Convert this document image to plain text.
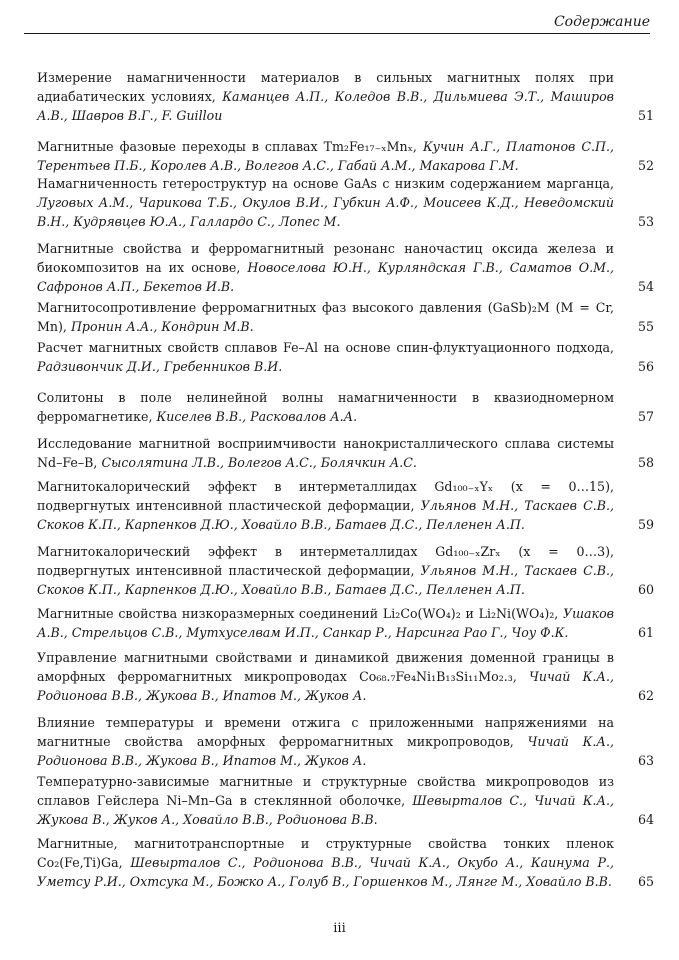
Содержание
Измерение намагниченности материалов в сильных магнитных полях при адиабатических условиях, Каманцев А.П., Коледов В.В., Дильмиева Э.Т., Маширов А.В., Шавров В.Г., F. Guillou	51
Магнитные фазовые переходы в сплавах Tm₂Fe₁₇₋ₓMnₓ, Кучин А.Г., Платонов С.П., Терентьев П.Б., Королев А.В., Волегов А.С., Габай А.М., Макарова Г.М.	52
Намагниченность гетероструктур на основе GaAs с низким содержанием марганца, Луговых А.М., Чарикова Т.Б., Окулов В.И., Губкин А.Ф., Моисеев К.Д., Неведомский В.Н., Кудрявцев Ю.А., Галлардо С., Лопес М.	53
Магнитные свойства и ферромагнитный резонанс наночастиц оксида железа и биокомпозитов на их основе, Новоселова Ю.Н., Курляндская Г.В., Саматов О.М., Сафронов А.П., Бекетов И.В.	54
Магнитосопротивление ферромагнитных фаз высокого давления (GaSb)₂M (M = Cr, Mn), Пронин А.А., Кондрин М.В.	55
Расчет магнитных свойств сплавов Fe–Al на основе спин-флуктуационного подхода, Радзивончик Д.И., Гребенников В.И.	56
Солитоны в поле нелинейной волны намагниченности в квазиодномерном ферромагнетике, Киселев В.В., Расковалов А.А.	57
Исследование магнитной восприимчивости нанокристаллического сплава системы Nd–Fe–B, Сысолятина Л.В., Волегов А.С., Болячкин А.С.	58
Магнитокалорический эффект в интерметаллидах Gd₁₀₀₋ₓYₓ (x = 0…15), подвергнутых интенсивной пластической деформации, Ульянов М.Н., Таскаев С.В., Скоков К.П., Карпенков Д.Ю., Ховайло В.В., Батаев Д.С., Пелленен А.П.	59
Магнитокалорический эффект в интерметаллидах Gd₁₀₀₋ₓZrₓ (x = 0…3), подвергнутых интенсивной пластической деформации, Ульянов М.Н., Таскаев С.В., Скоков К.П., Карпенков Д.Ю., Ховайло В.В., Батаев Д.С., Пелленен А.П.	60
Магнитные свойства низкоразмерных соединений Li₂Co(WO₄)₂ и Li₂Ni(WO₄)₂, Ушаков А.В., Стрельцов С.В., Мутхуселвам И.П., Санкар Р., Нарсинга Рао Г., Чоу Ф.К.	61
Управление магнитными свойствами и динамикой движения доменной границы в аморфных ферромагнитных микропроводах Co₆₈.₇Fe₄Ni₁B₁₃Si₁₁Mo₂.₃, Чичай К.А., Родионова В.В., Жукова В., Ипатов М., Жуков А.	62
Влияние температуры и времени отжига с приложенными напряжениями на магнитные свойства аморфных ферромагнитных микропроводов, Чичай К.А., Родионова В.В., Жукова В., Ипатов М., Жуков А.	63
Температурно-зависимые магнитные и структурные свойства микропроводов из сплавов Гейслера Ni–Mn–Ga в стеклянной оболочке, Шевырталов С., Чичай К.А., Жукова В., Жуков А., Ховайло В.В., Родионова В.В.	64
Магнитные, магнитотранспортные и структурные свойства тонких пленок Co₂(Fe,Ti)Ga, Шевырталов С., Родионова В.В., Чичай К.А., Окубо А., Каинума Р., Уметсу Р.И., Охтсука М., Божко А., Голуб В., Горшенков М., Лянге М., Ховайло В.В.	65
iii
